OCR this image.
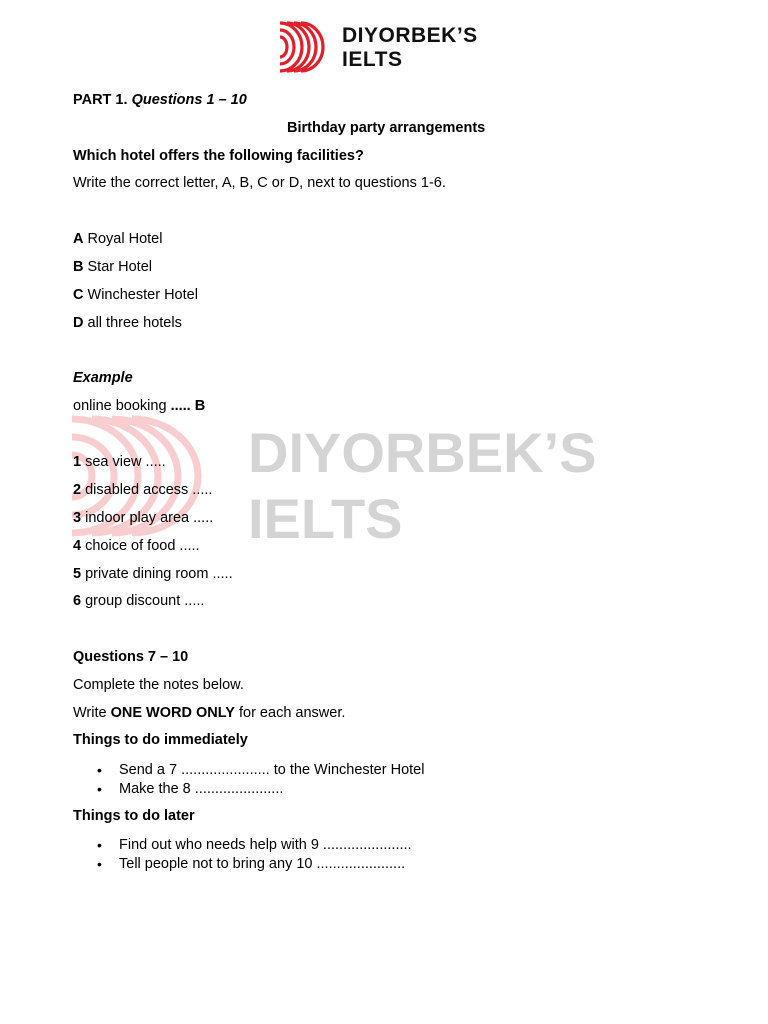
DIYORBEK’S
IELTS
DIYORBEK’S
IELTS
PART 1. Questions 1 – 10
Birthday party arrangements
Which hotel offers the following facilities?
Write the correct letter, A, B, C or D, next to questions 1-6.
A Royal Hotel
B Star Hotel
C Winchester Hotel
D all three hotels
Example
online booking ..... B
1 sea view .....
2 disabled access .....
3 indoor play area .....
4 choice of food .....
5 private dining room .....
6 group discount .....
Questions 7 – 10
Complete the notes below.
Write ONE WORD ONLY for each answer.
Things to do immediately
• Send a 7 ...................... to the Winchester Hotel
• Make the 8 ......................
Things to do later
• Find out who needs help with 9 ......................
• Tell people not to bring any 10 ......................
